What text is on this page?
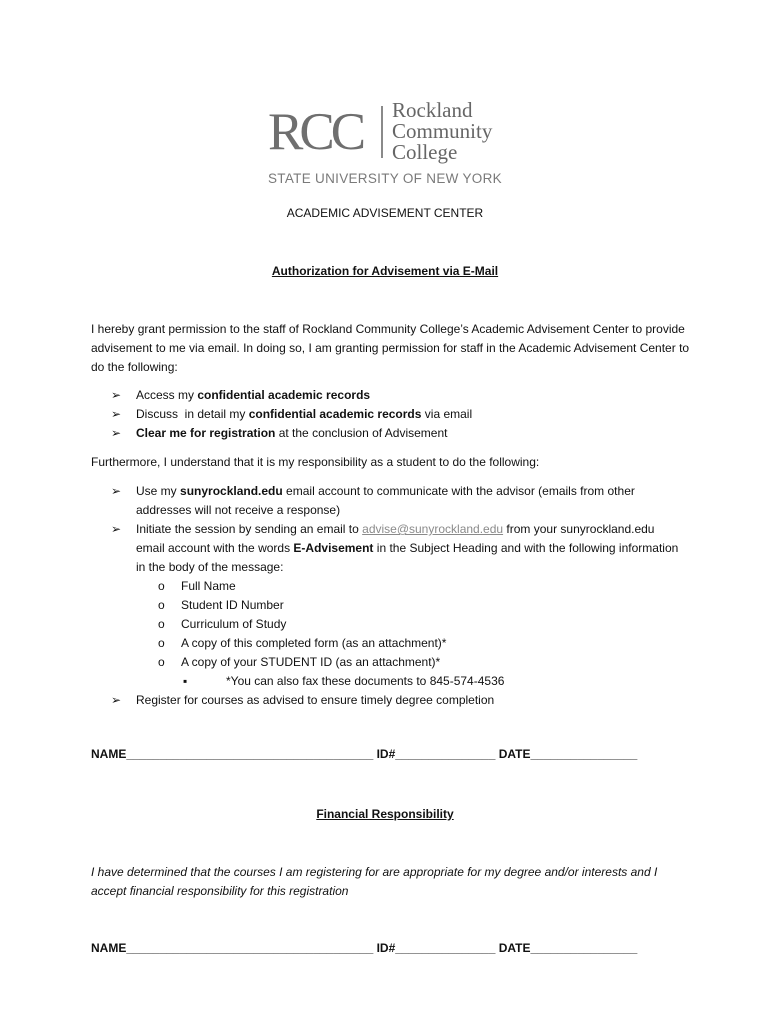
RCC Rockland
Community
College
STATE UNIVERSITY OF NEW YORK
ACADEMIC ADVISEMENT CENTER
Authorization for Advisement via E-Mail
I hereby grant permission to the staff of Rockland Community College’s Academic Advisement Center to provide advisement to me via email. In doing so, I am granting permission for staff in the Academic Advisement Center to do the following:
➢ Access my confidential academic records
➢ Discuss  in detail my confidential academic records via email
➢ Clear me for registration at the conclusion of Advisement
Furthermore, I understand that it is my responsibility as a student to do the following:
➢ Use my sunyrockland.edu email account to communicate with the advisor (emails from other addresses will not receive a response)
➢ Initiate the session by sending an email to advise@sunyrockland.edu from your sunyrockland.edu email account with the words E-Advisement in the Subject Heading and with the following information in the body of the message:
o Full Name
o Student ID Number
o Curriculum of Study
o A copy of this completed form (as an attachment)*
o A copy of your STUDENT ID (as an attachment)*
▪	*You can also fax these documents to 845-574-4536
➢ Register for courses as advised to ensure timely degree completion
NAME_____________________________________ ID#_______________ DATE________________
Financial Responsibility
I have determined that the courses I am registering for are appropriate for my degree and/or interests and I accept financial responsibility for this registration
NAME_____________________________________ ID#_______________ DATE________________
